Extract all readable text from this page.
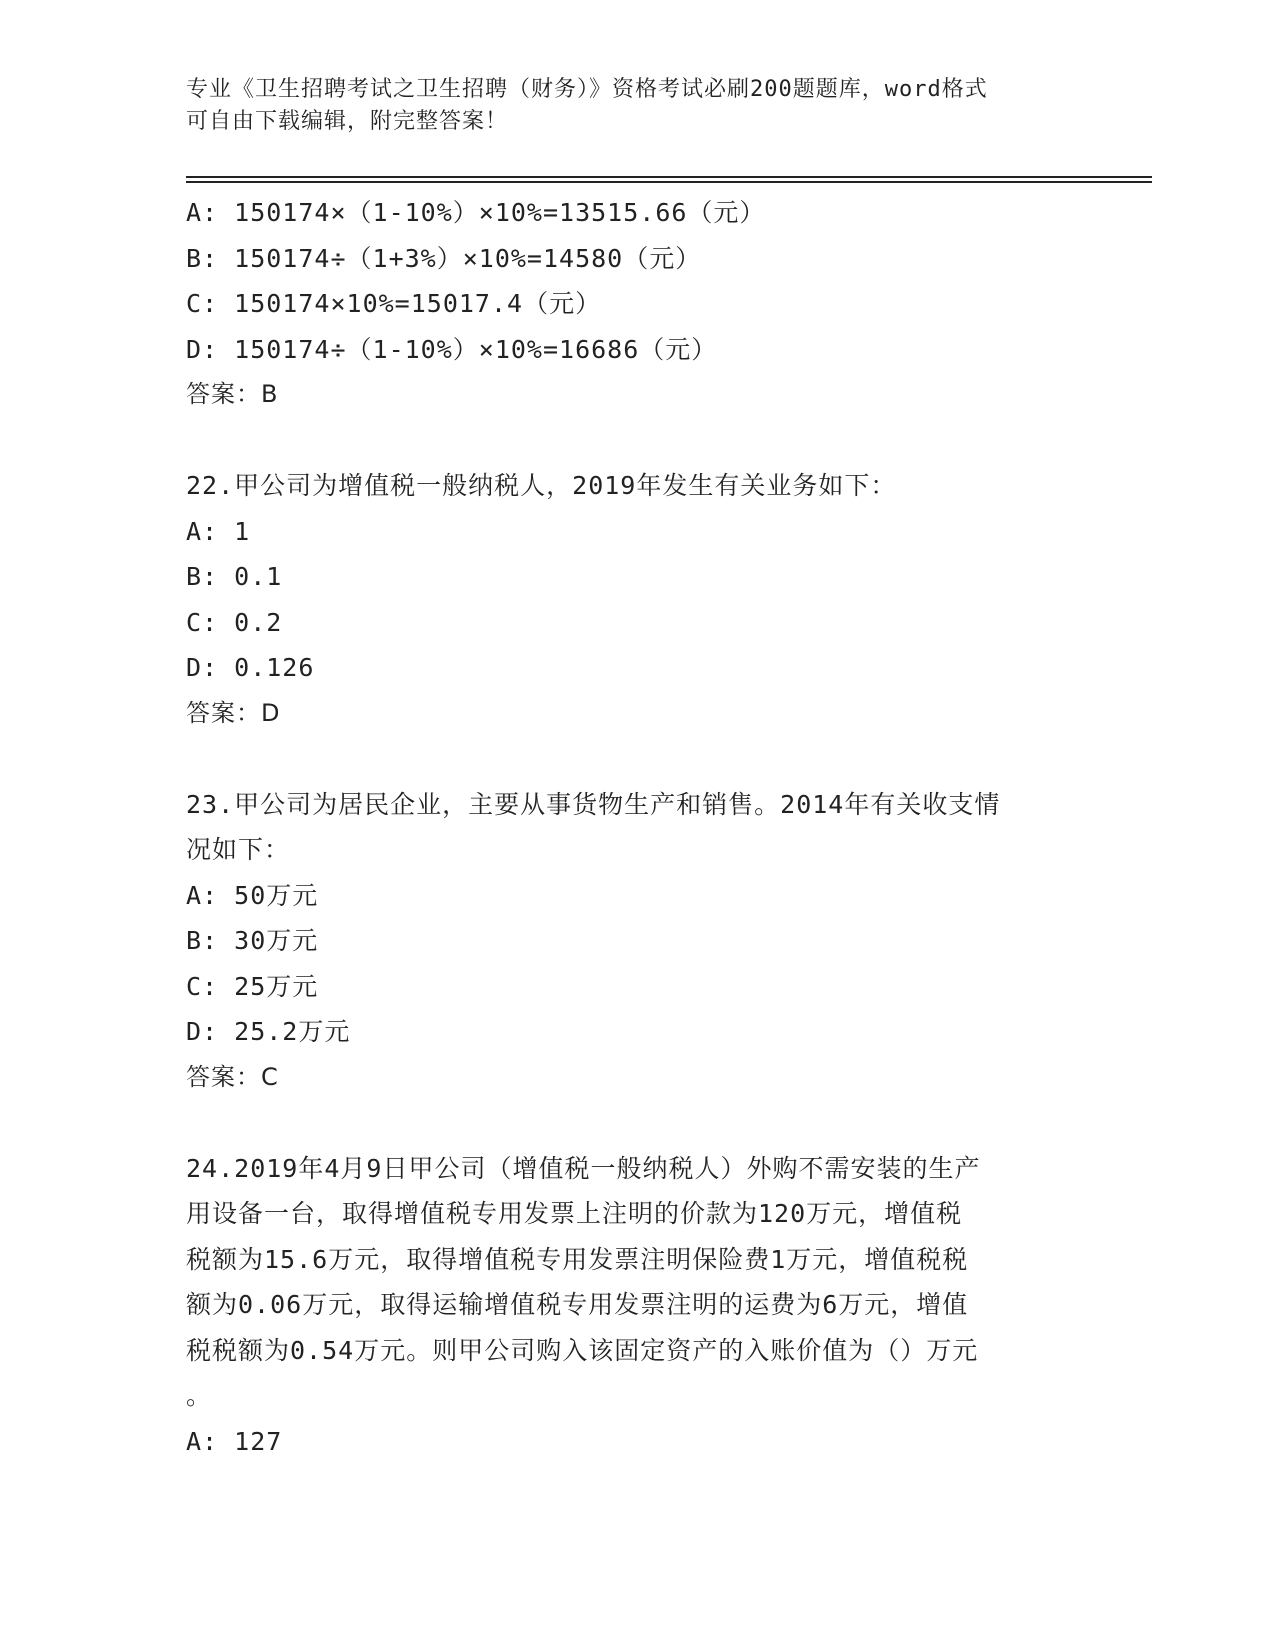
专业《卫生招聘考试之卫生招聘（财务）》资格考试必刷200题题库，word格式
可自由下载编辑，附完整答案！
A: 150174×（1-10%）×10%=13515.66（元）
B: 150174÷（1+3%）×10%=14580（元）
C: 150174×10%=15017.4（元）
D: 150174÷（1-10%）×10%=16686（元）
答案：B
22.甲公司为增值税一般纳税人，2019年发生有关业务如下：
A: 1
B: 0.1
C: 0.2
D: 0.126
答案：D
23.甲公司为居民企业，主要从事货物生产和销售。2014年有关收支情
况如下：
A: 50万元
B: 30万元
C: 25万元
D: 25.2万元
答案：C
24.2019年4月9日甲公司（增值税一般纳税人）外购不需安装的生产
用设备一台，取得增值税专用发票上注明的价款为120万元，增值税
税额为15.6万元，取得增值税专用发票注明保险费1万元，增值税税
额为0.06万元，取得运输增值税专用发票注明的运费为6万元，增值
税税额为0.54万元。则甲公司购入该固定资产的入账价值为（）万元
。
A: 127
